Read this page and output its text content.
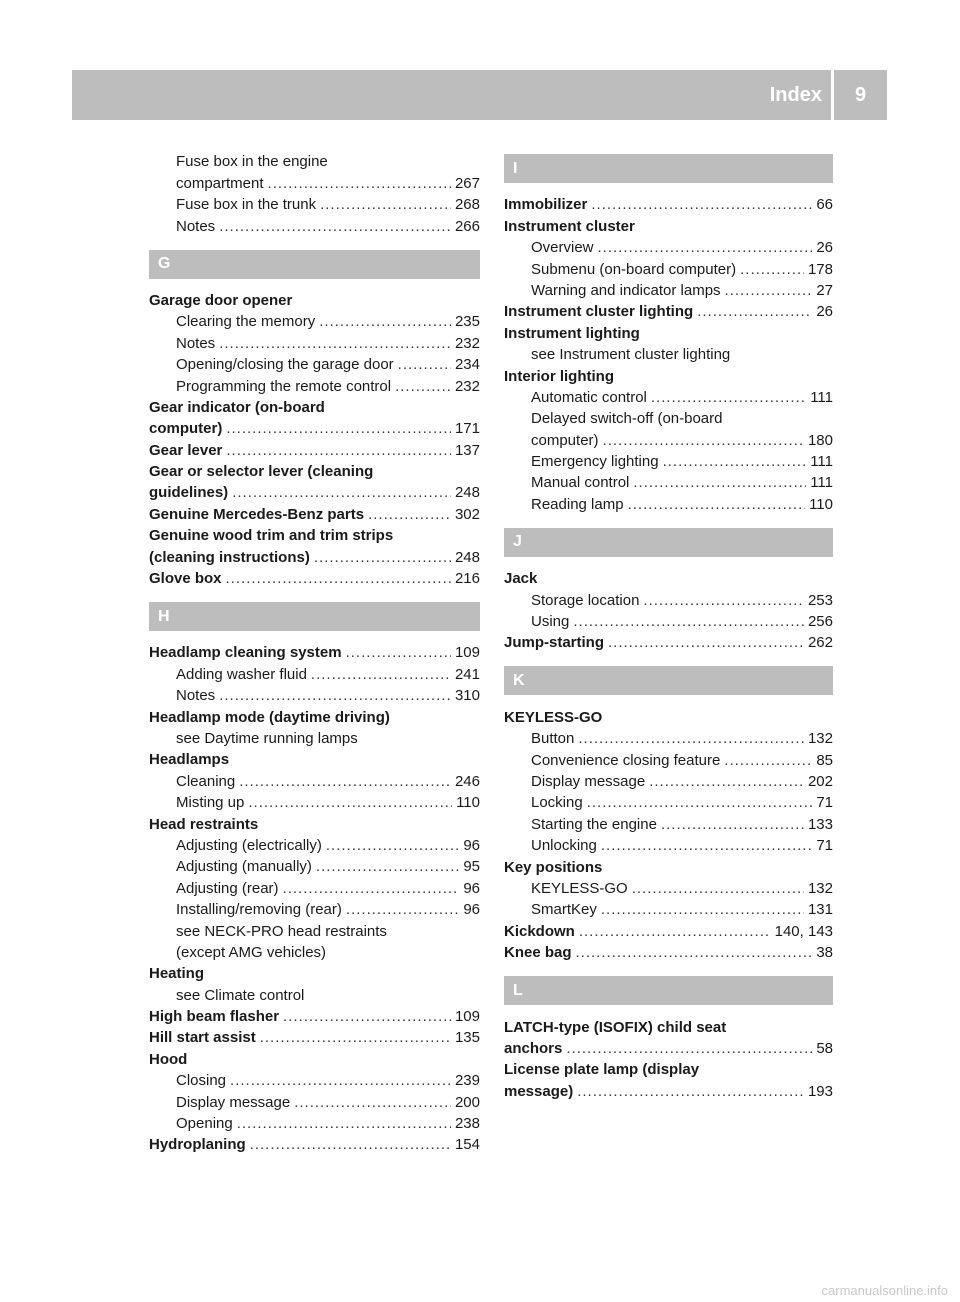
Index	9
Fuse box in the engine
compartment .....	267
Fuse box in the trunk .....	268
Notes .....	266
G
Garage door opener
Clearing the memory .....	235
Notes .....	232
Opening/closing the garage door .....	234
Programming the remote control .....	232
Gear indicator (on-board
computer) .....	171
Gear lever .....	137
Gear or selector lever (cleaning
guidelines) .....	248
Genuine Mercedes-Benz parts .....	302
Genuine wood trim and trim strips
(cleaning instructions) .....	248
Glove box .....	216
H
Headlamp cleaning system .....	109
Adding washer fluid .....	241
Notes .....	310
Headlamp mode (daytime driving)
see Daytime running lamps
Headlamps
Cleaning .....	246
Misting up .....	110
Head restraints
Adjusting (electrically) .....	96
Adjusting (manually) .....	95
Adjusting (rear) .....	96
Installing/removing (rear) .....	96
see NECK-PRO head restraints
(except AMG vehicles)
Heating
see Climate control
High beam flasher .....	109
Hill start assist .....	135
Hood
Closing .....	239
Display message .....	200
Opening .....	238
Hydroplaning .....	154
I
Immobilizer .....	66
Instrument cluster
Overview .....	26
Submenu (on-board computer) .....	178
Warning and indicator lamps .....	27
Instrument cluster lighting .....	26
Instrument lighting
see Instrument cluster lighting
Interior lighting
Automatic control .....	111
Delayed switch-off (on-board
computer) .....	180
Emergency lighting .....	111
Manual control .....	111
Reading lamp .....	110
J
Jack
Storage location .....	253
Using .....	256
Jump-starting .....	262
K
KEYLESS-GO
Button .....	132
Convenience closing feature .....	85
Display message .....	202
Locking .....	71
Starting the engine .....	133
Unlocking .....	71
Key positions
KEYLESS-GO .....	132
SmartKey .....	131
Kickdown .....	140, 143
Knee bag .....	38
L
LATCH-type (ISOFIX) child seat
anchors .....	58
License plate lamp (display
message) .....	193
carmanualsonline.info
